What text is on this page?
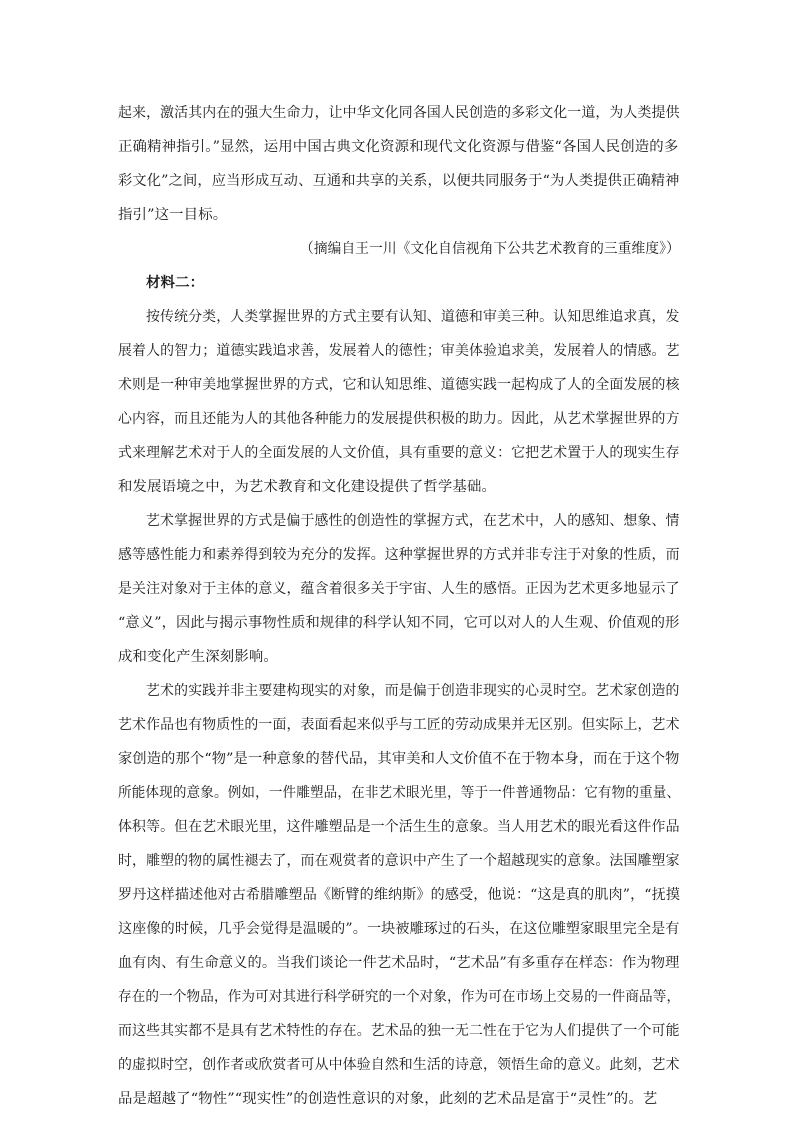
起来，激活其内在的强大生命力，让中华文化同各国人民创造的多彩文化一道，为人类提供
正确精神指引。”显然，运用中国古典文化资源和现代文化资源与借鉴“各国人民创造的多
彩文化”之间，应当形成互动、互通和共享的关系，以便共同服务于“为人类提供正确精神
指引”这一目标。
（摘编自王一川《文化自信视角下公共艺术教育的三重维度》）
材料二：
按传统分类，人类掌握世界的方式主要有认知、道德和审美三种。认知思维追求真，发
展着人的智力；道德实践追求善，发展着人的德性；审美体验追求美，发展着人的情感。艺
术则是一种审美地掌握世界的方式，它和认知思维、道德实践一起构成了人的全面发展的核
心内容，而且还能为人的其他各种能力的发展提供积极的助力。因此，从艺术掌握世界的方
式来理解艺术对于人的全面发展的人文价值，具有重要的意义：它把艺术置于人的现实生存
和发展语境之中，为艺术教育和文化建设提供了哲学基础。
艺术掌握世界的方式是偏于感性的创造性的掌握方式，在艺术中，人的感知、想象、情
感等感性能力和素养得到较为充分的发挥。这种掌握世界的方式并非专注于对象的性质，而
是关注对象对于主体的意义，蕴含着很多关于宇宙、人生的感悟。正因为艺术更多地显示了
“意义”，因此与揭示事物性质和规律的科学认知不同，它可以对人的人生观、价值观的形
成和变化产生深刻影响。
艺术的实践并非主要建构现实的对象，而是偏于创造非现实的心灵时空。艺术家创造的
艺术作品也有物质性的一面，表面看起来似乎与工匠的劳动成果并无区别。但实际上，艺术
家创造的那个“物”是一种意象的替代品，其审美和人文价值不在于物本身，而在于这个物
所能体现的意象。例如，一件雕塑品，在非艺术眼光里，等于一件普通物品：它有物的重量、
体积等。但在艺术眼光里，这件雕塑品是一个活生生的意象。当人用艺术的眼光看这件作品
时，雕塑的物的属性褪去了，而在观赏者的意识中产生了一个超越现实的意象。法国雕塑家
罗丹这样描述他对古希腊雕塑品《断臂的维纳斯》的感受，他说：“这是真的肌肉”，“抚摸
这座像的时候，几乎会觉得是温暖的”。一块被雕琢过的石头，在这位雕塑家眼里完全是有
血有肉、有生命意义的。当我们谈论一件艺术品时，“艺术品”有多重存在样态：作为物理
存在的一个物品，作为可对其进行科学研究的一个对象，作为可在市场上交易的一件商品等，
而这些其实都不是具有艺术特性的存在。艺术品的独一无二性在于它为人们提供了一个可能
的虚拟时空，创作者或欣赏者可从中体验自然和生活的诗意，领悟生命的意义。此刻，艺术
品是超越了“物性”“现实性”的创造性意识的对象，此刻的艺术品是富于“灵性”的。艺
